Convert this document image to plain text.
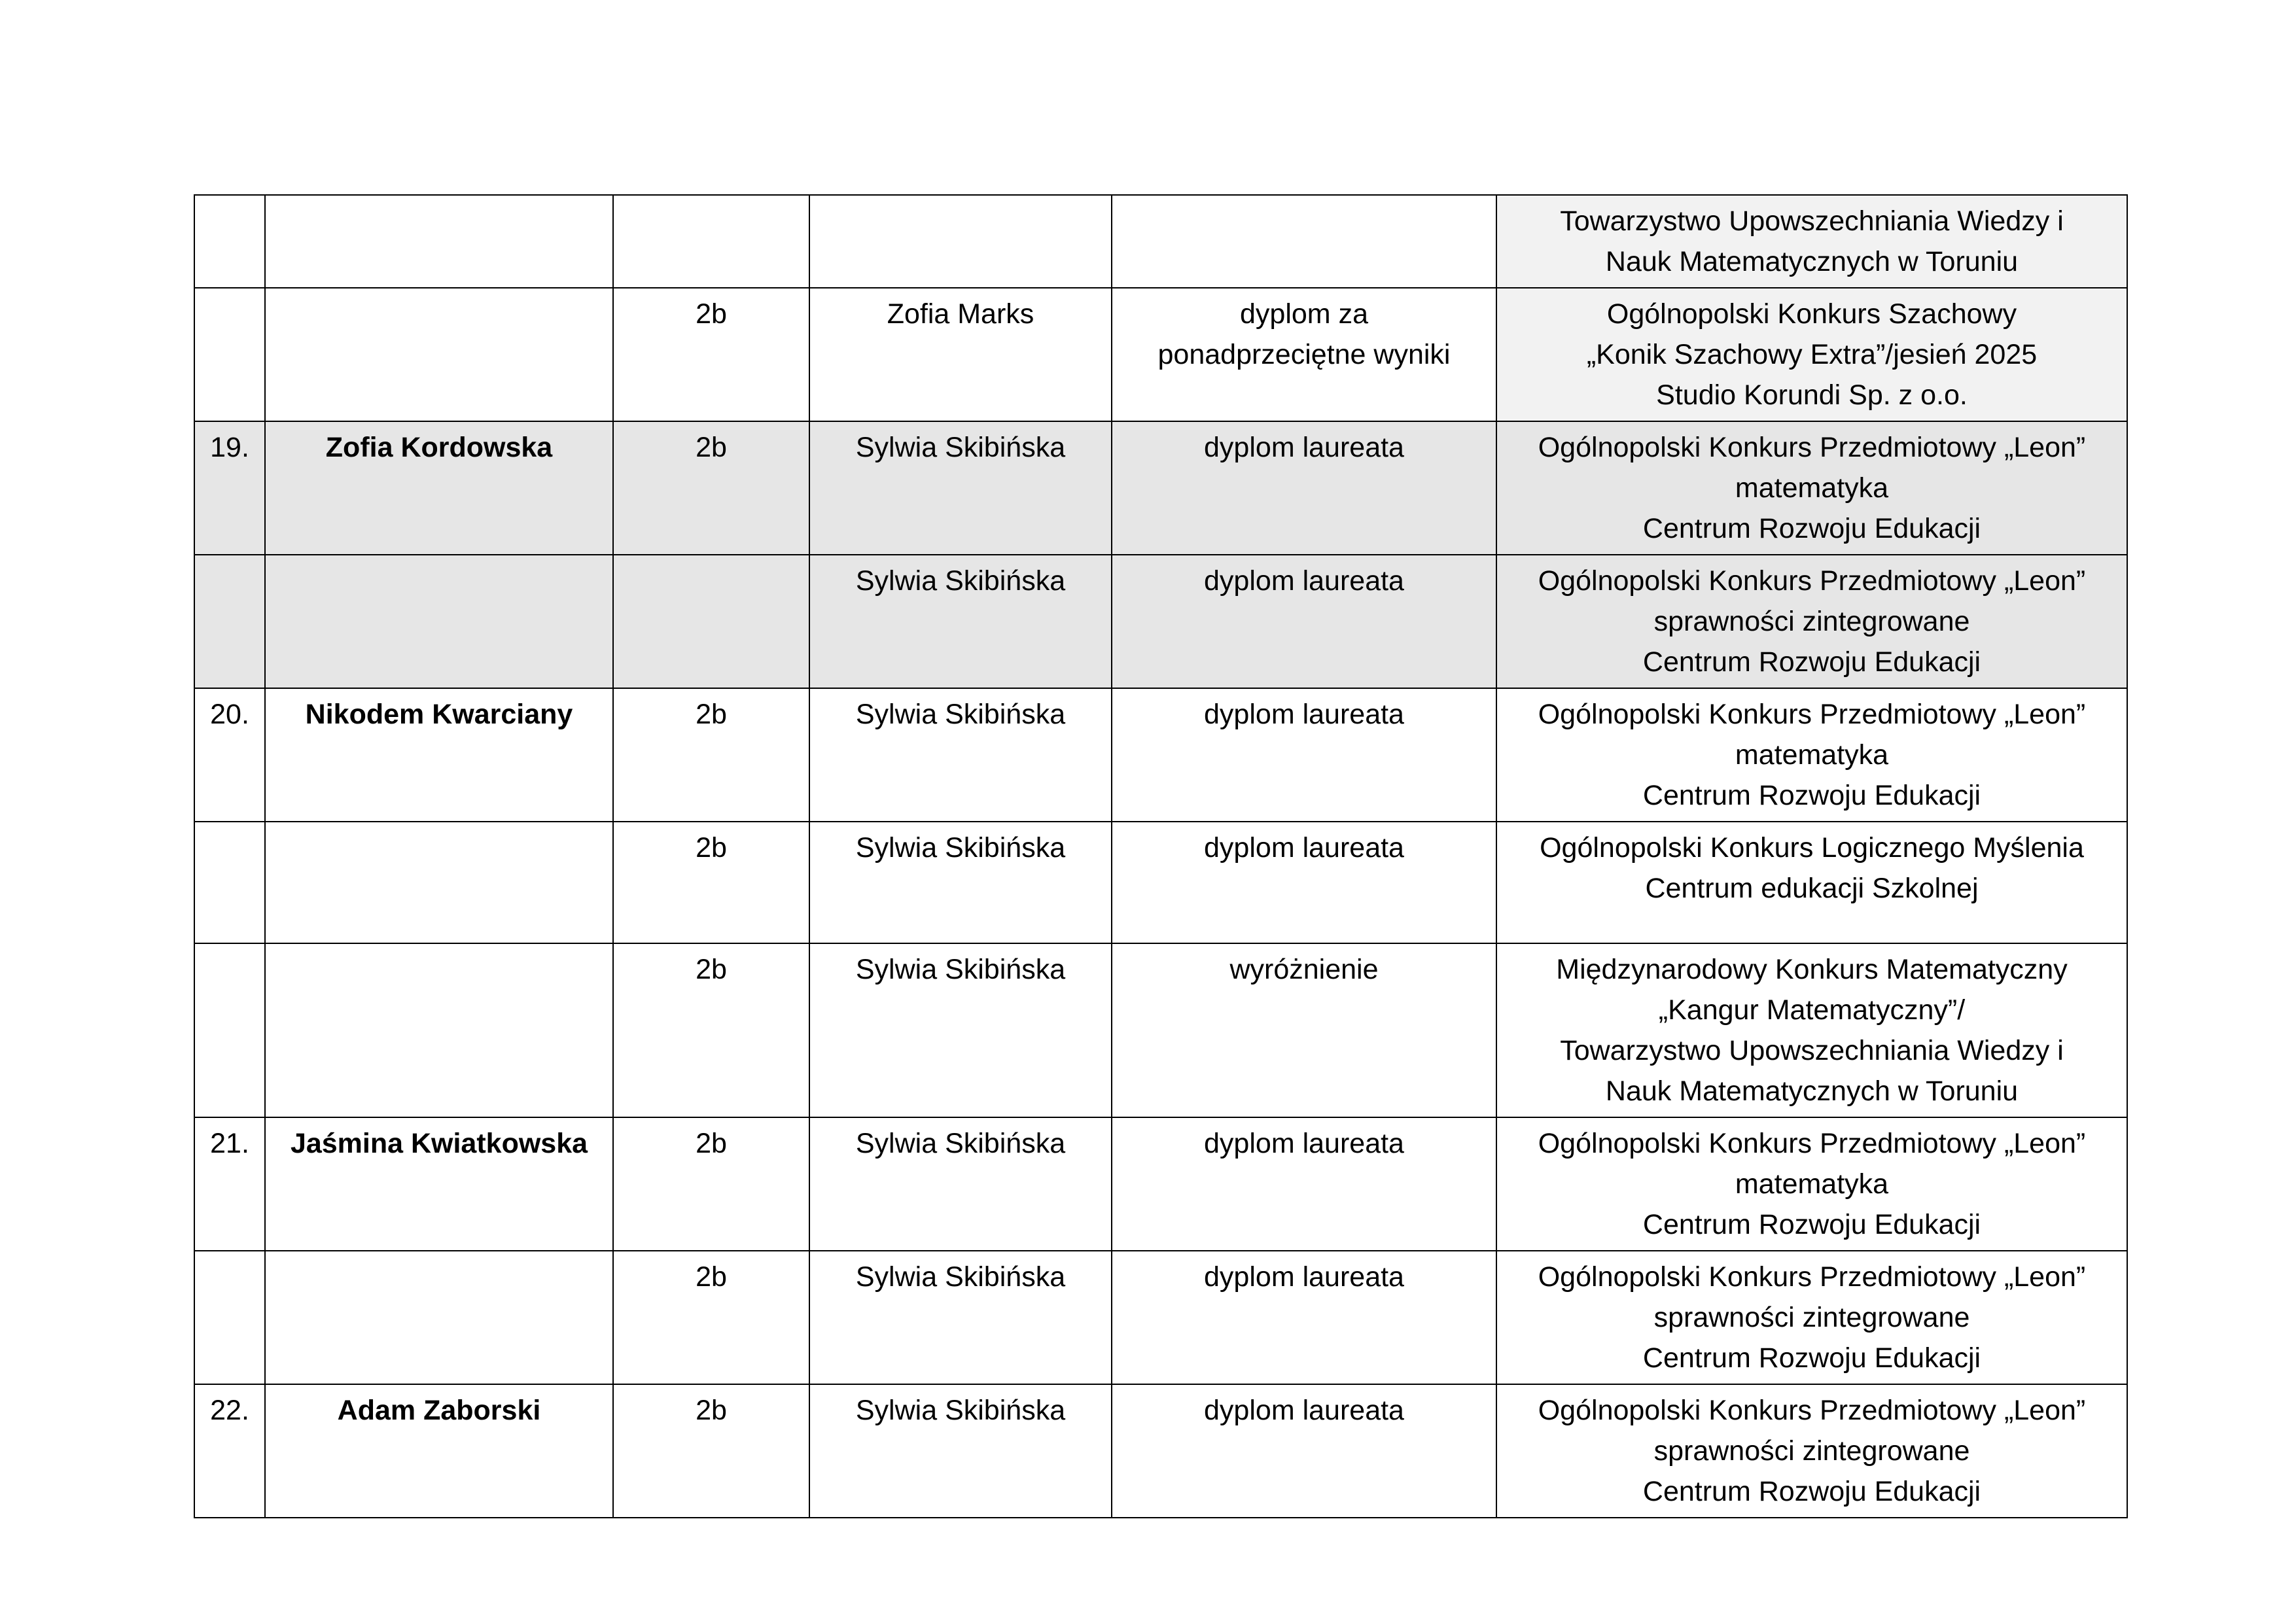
					Towarzystwo Upowszechniania Wiedzy i
Nauk Matematycznych w Toruniu

		2b	Zofia Marks	dyplom za
ponadprzeciętne wyniki	Ogólnopolski Konkurs Szachowy
„Konik Szachowy Extra”/jesień 2025
Studio Korundi Sp. z o.o.

19.	Zofia Kordowska	2b	Sylwia Skibińska	dyplom laureata	Ogólnopolski Konkurs Przedmiotowy „Leon”
matematyka
Centrum Rozwoju Edukacji

			Sylwia Skibińska	dyplom laureata	Ogólnopolski Konkurs Przedmiotowy „Leon”
sprawności zintegrowane
Centrum Rozwoju Edukacji

20.	Nikodem Kwarciany	2b	Sylwia Skibińska	dyplom laureata	Ogólnopolski Konkurs Przedmiotowy „Leon”
matematyka
Centrum Rozwoju Edukacji

		2b	Sylwia Skibińska	dyplom laureata	Ogólnopolski Konkurs Logicznego Myślenia
Centrum edukacji Szkolnej

		2b	Sylwia Skibińska	wyróżnienie	Międzynarodowy Konkurs Matematyczny
„Kangur Matematyczny”/
Towarzystwo Upowszechniania Wiedzy i
Nauk Matematycznych w Toruniu

21.	Jaśmina Kwiatkowska	2b	Sylwia Skibińska	dyplom laureata	Ogólnopolski Konkurs Przedmiotowy „Leon”
matematyka
Centrum Rozwoju Edukacji

		2b	Sylwia Skibińska	dyplom laureata	Ogólnopolski Konkurs Przedmiotowy „Leon”
sprawności zintegrowane
Centrum Rozwoju Edukacji

22.	Adam Zaborski	2b	Sylwia Skibińska	dyplom laureata	Ogólnopolski Konkurs Przedmiotowy „Leon”
sprawności zintegrowane
Centrum Rozwoju Edukacji
